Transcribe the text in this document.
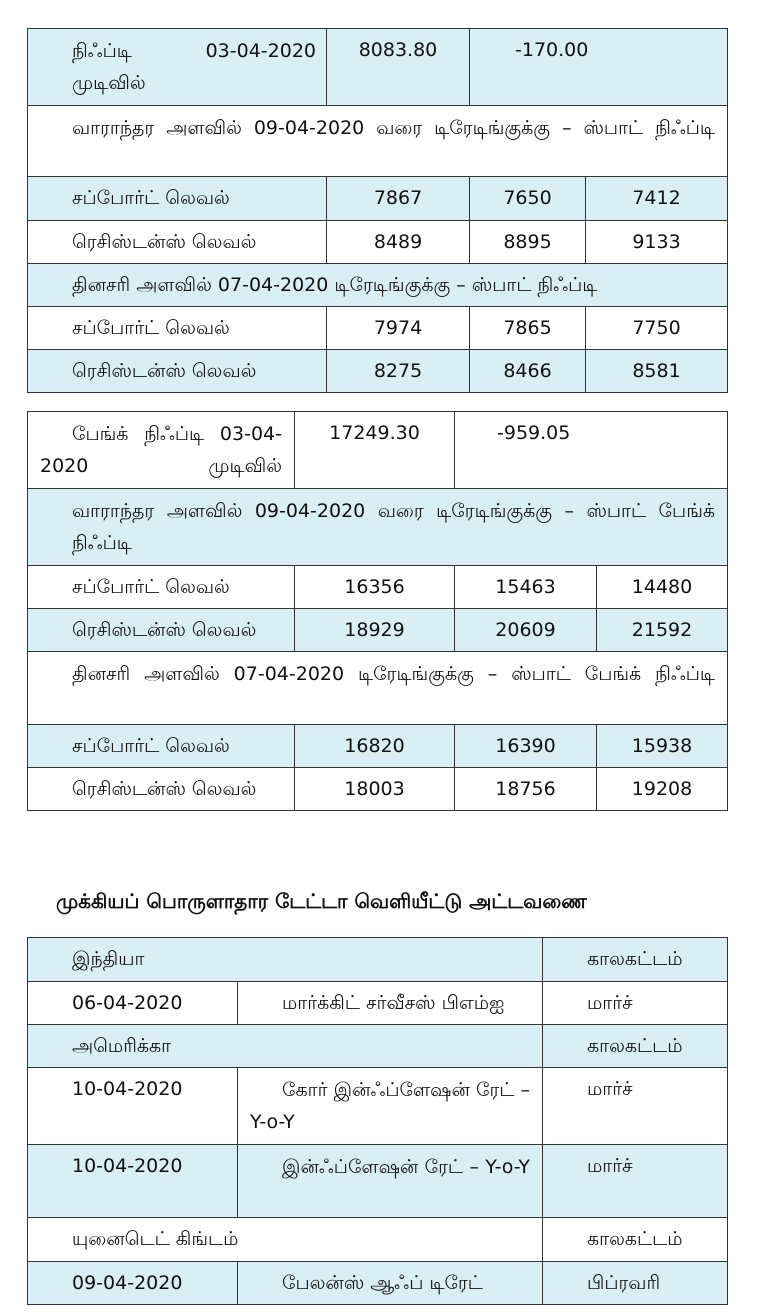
நிஃப்டி 03-04-2020 முடிவில்	8083.80	-170.00	
வாராந்தர அளவில் 09-04-2020 வரை டிரேடிங்குக்கு – ஸ்பாட் நிஃப்டி			
சப்போர்ட் லெவல்	7867	7650	7412
ரெசிஸ்டன்ஸ் லெவல்	8489	8895	9133
தினசரி அளவில் 07-04-2020 டிரேடிங்குக்கு – ஸ்பாட் நிஃப்டி			
சப்போர்ட் லெவல்	7974	7865	7750
ரெசிஸ்டன்ஸ் லெவல்	8275	8466	8581
பேங்க் நிஃப்டி 03-04-2020 முடிவில்	17249.30	-959.05	
வாராந்தர அளவில் 09-04-2020 வரை டிரேடிங்குக்கு – ஸ்பாட் பேங்க் நிஃப்டி			
சப்போர்ட் லெவல்	16356	15463	14480
ரெசிஸ்டன்ஸ் லெவல்	18929	20609	21592
தினசரி அளவில் 07-04-2020 டிரேடிங்குக்கு – ஸ்பாட் பேங்க் நிஃப்டி			
சப்போர்ட் லெவல்	16820	16390	15938
ரெசிஸ்டன்ஸ் லெவல்	18003	18756	19208
முக்கியப் பொருளாதார டேட்டா வெளியீட்டு அட்டவணை
இந்தியா		காலகட்டம்
06-04-2020	மார்க்கிட் சர்வீசஸ் பிஎம்ஐ	மார்ச்
அமெரிக்கா		காலகட்டம்
10-04-2020	கோர் இன்ஃப்ளேஷன் ரேட் – Y-o-Y	மார்ச்
10-04-2020	இன்ஃப்ளேஷன் ரேட் – Y-o-Y	மார்ச்
யுனைடெட் கிங்டம்		காலகட்டம்
09-04-2020	பேலன்ஸ் ஆஃப் டிரேட்	பிப்ரவரி
